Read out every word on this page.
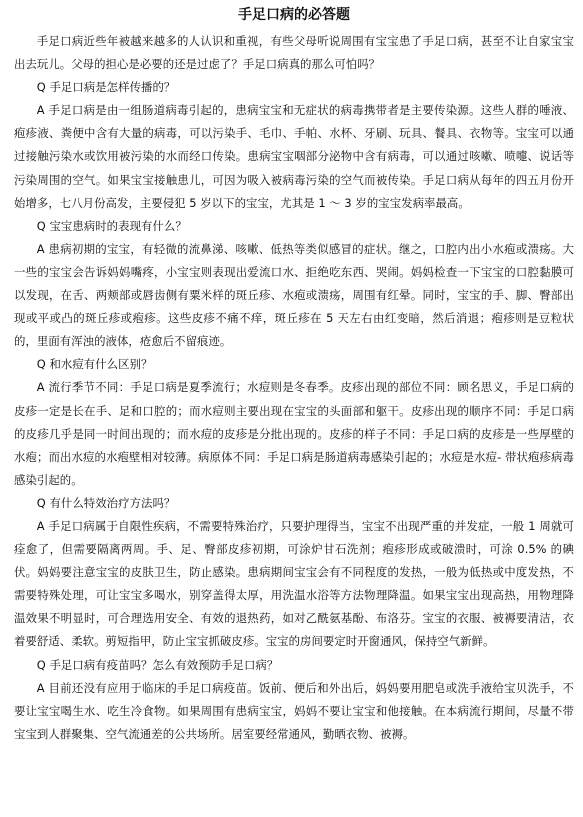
手足口病的必答题

手足口病近些年被越来越多的人认识和重视，有些父母听说周围有宝宝患了手足口病，甚至不让自家宝宝出去玩儿。父母的担心是必要的还是过虑了？手足口病真的那么可怕吗？

Q 手足口病是怎样传播的？

A 手足口病是由一组肠道病毒引起的，患病宝宝和无症状的病毒携带者是主要传染源。这些人群的唾液、疱疹液、粪便中含有大量的病毒，可以污染手、毛巾、手帕、水杯、牙刷、玩具、餐具、衣物等。宝宝可以通过接触污染水或饮用被污染的水而经口传染。患病宝宝咽部分泌物中含有病毒，可以通过咳嗽、喷嚏、说话等污染周围的空气。如果宝宝接触患儿，可因为吸入被病毒污染的空气而被传染。手足口病从每年的四五月份开始增多，七八月份高发，主要侵犯 5 岁以下的宝宝，尤其是 1 ～ 3 岁的宝宝发病率最高。

Q 宝宝患病时的表现有什么？

A 患病初期的宝宝，有轻微的流鼻涕、咳嗽、低热等类似感冒的症状。继之，口腔内出小水疱或溃疡。大一些的宝宝会告诉妈妈嘴疼，小宝宝则表现出爱流口水、拒绝吃东西、哭闹。妈妈检查一下宝宝的口腔黏膜可以发现，在舌、两颊部或唇齿侧有粟米样的斑丘疹、水疱或溃疡，周围有红晕。同时，宝宝的手、脚、臀部出现或平或凸的斑丘疹或疱疹。这些皮疹不痛不痒，斑丘疹在 5 天左右由红变暗，然后消退；疱疹则是豆粒状的，里面有浑浊的液体，疮愈后不留痕迹。

Q 和水痘有什么区别？

A 流行季节不同：手足口病是夏季流行；水痘则是冬春季。皮疹出现的部位不同：顾名思义，手足口病的皮疹一定是长在手、足和口腔的；而水痘则主要出现在宝宝的头面部和躯干。皮疹出现的顺序不同：手足口病的皮疹几乎是同一时间出现的；而水痘的皮疹是分批出现的。皮疹的样子不同：手足口病的皮疹是一些厚壁的水疱；而出水痘的水疱壁相对较薄。病原体不同：手足口病是肠道病毒感染引起的；水痘是水痘- 带状疱疹病毒感染引起的。

Q 有什么特效治疗方法吗？

A 手足口病属于自限性疾病，不需要特殊治疗，只要护理得当，宝宝不出现严重的并发症，一般 1 周就可痊愈了，但需要隔离两周。手、足、臀部皮疹初期，可涂炉甘石洗剂；疱疹形成或破溃时，可涂 0.5% 的碘伏。妈妈要注意宝宝的皮肤卫生，防止感染。患病期间宝宝会有不同程度的发热，一般为低热或中度发热，不需要特殊处理，可让宝宝多喝水，别穿盖得太厚，用洗温水浴等方法物理降温。如果宝宝出现高热，用物理降温效果不明显时，可合理选用安全、有效的退热药，如对乙酰氨基酚、布洛芬。宝宝的衣服、被褥要清洁，衣着要舒适、柔软。剪短指甲，防止宝宝抓破皮疹。宝宝的房间要定时开窗通风，保持空气新鲜。

Q 手足口病有疫苗吗？怎么有效预防手足口病？

A 目前还没有应用于临床的手足口病疫苗。饭前、便后和外出后，妈妈要用肥皂或洗手液给宝贝洗手，不要让宝宝喝生水、吃生冷食物。如果周围有患病宝宝，妈妈不要让宝宝和他接触。在本病流行期间，尽量不带宝宝到人群聚集、空气流通差的公共场所。居室要经常通风，勤晒衣物、被褥。
